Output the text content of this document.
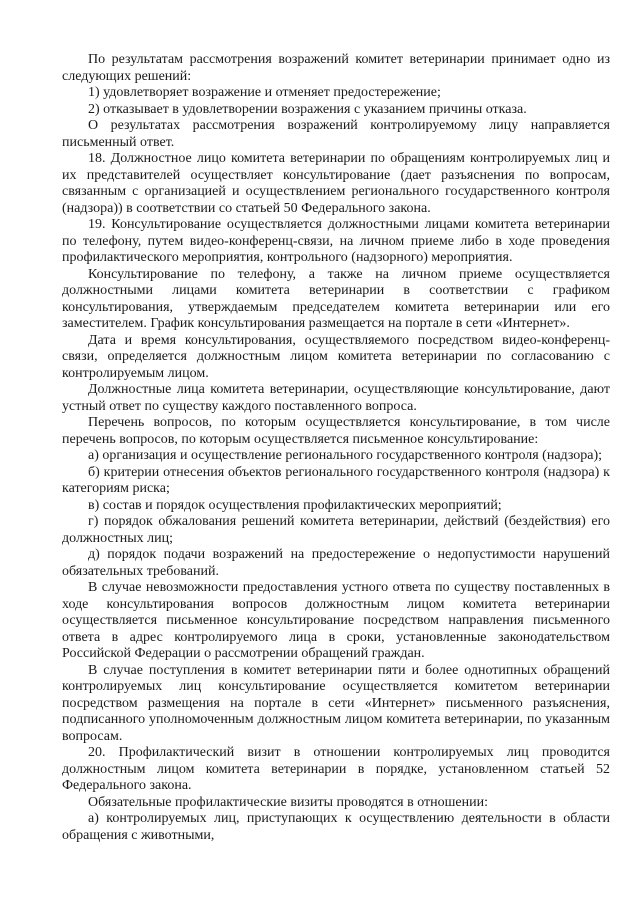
По результатам рассмотрения возражений комитет ветеринарии принимает одно из следующих решений:

1) удовлетворяет возражение и отменяет предостережение;

2) отказывает в удовлетворении возражения с указанием причины отказа.

О результатах рассмотрения возражений контролируемому лицу направляется письменный ответ.

18. Должностное лицо комитета ветеринарии по обращениям контролируемых лиц и их представителей осуществляет консультирование (дает разъяснения по вопросам, связанным с организацией и осуществлением регионального государственного контроля (надзора)) в соответствии со статьей 50 Федерального закона.

19. Консультирование осуществляется должностными лицами комитета ветеринарии по телефону, путем видео-конференц-связи, на личном приеме либо в ходе проведения профилактического мероприятия, контрольного (надзорного) мероприятия.

Консультирование по телефону, а также на личном приеме осуществляется должностными лицами комитета ветеринарии в соответствии с графиком консультирования, утверждаемым председателем комитета ветеринарии или его заместителем. График консультирования размещается на портале в сети «Интернет».

Дата и время консультирования, осуществляемого посредством видео-конференц-связи, определяется должностным лицом комитета ветеринарии по согласованию с контролируемым лицом.

Должностные лица комитета ветеринарии, осуществляющие консультирование, дают устный ответ по существу каждого поставленного вопроса.

Перечень вопросов, по которым осуществляется консультирование, в том числе перечень вопросов, по которым осуществляется письменное консультирование:

а) организация и осуществление регионального государственного контроля (надзора);

б) критерии отнесения объектов регионального государственного контроля (надзора) к категориям риска;

в) состав и порядок осуществления профилактических мероприятий;

г) порядок обжалования решений комитета ветеринарии, действий (бездействия) его должностных лиц;

д) порядок подачи возражений на предостережение о недопустимости нарушений обязательных требований.

В случае невозможности предоставления устного ответа по существу поставленных в ходе консультирования вопросов должностным лицом комитета ветеринарии осуществляется письменное консультирование посредством направления письменного ответа в адрес контролируемого лица в сроки, установленные законодательством Российской Федерации о рассмотрении обращений граждан.

В случае поступления в комитет ветеринарии пяти и более однотипных обращений контролируемых лиц консультирование осуществляется комитетом ветеринарии посредством размещения на портале в сети «Интернет» письменного разъяснения, подписанного уполномоченным должностным лицом комитета ветеринарии, по указанным вопросам.

20. Профилактический визит в отношении контролируемых лиц проводится должностным лицом комитета ветеринарии в порядке, установленном статьей 52 Федерального закона.

Обязательные профилактические визиты проводятся в отношении:

а) контролируемых лиц, приступающих к осуществлению деятельности в области обращения с животными,
